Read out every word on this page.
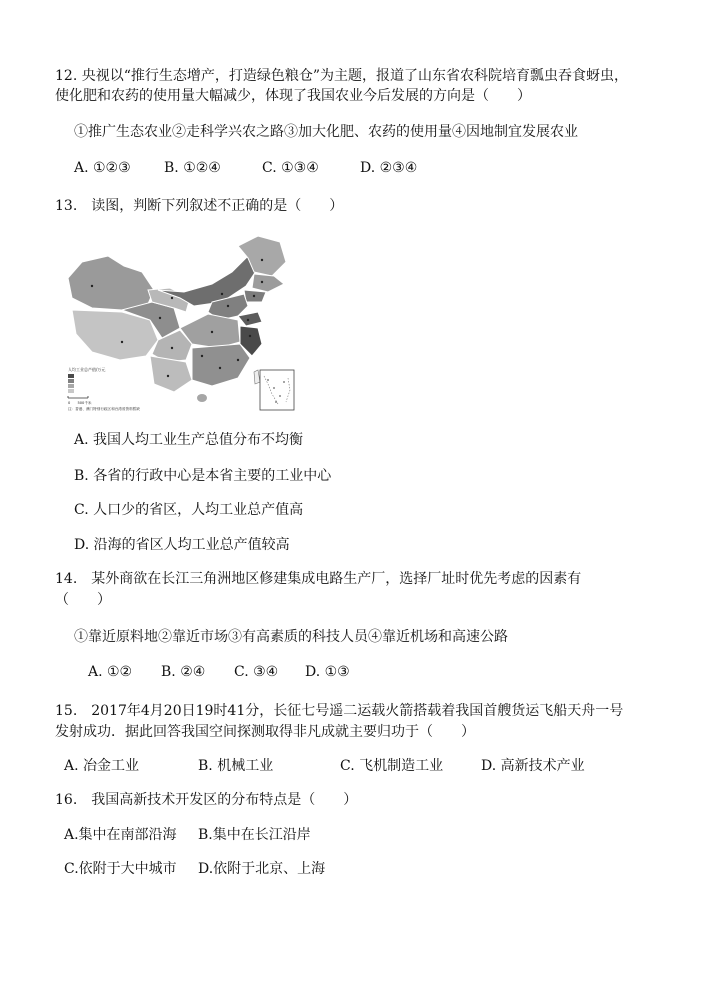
12. 央视以“推行生态增产，打造绿色粮仓”为主题，报道了山东省农科院培育瓢虫吞食蚜虫，
使化肥和农药的使用量大幅减少，体现了我国农业今后发展的方向是（　　）
①推广生态农业②走科学兴农之路③加大化肥、农药的使用量④因地制宜发展农业
A. ①②③ B. ①②④	C. ①③④	D. ②③④
13.　读图，判断下列叙述不正确的是（　　）
人均工业总产值/万元
0　　500千米
注：香港、澳门特别行政区和台湾省资料暂缺
A. 我国人均工业生产总值分布不均衡
B. 各省的行政中心是本省主要的工业中心
C. 人口少的省区，人均工业总产值高
D. 沿海的省区人均工业总产值较高
14.　某外商欲在长江三角洲地区修建集成电路生产厂，选择厂址时优先考虑的因素有
（　　）
①靠近原料地②靠近市场③有高素质的科技人员④靠近机场和高速公路
A. ①② B. ②④ C. ③④ D. ①③
15.　2017年4月20日19时41分，长征七号遥二运载火箭搭载着我国首艘货运飞船天舟一号
发射成功．据此回答我国空间探测取得非凡成就主要归功于（　　）
A. 冶金工业	B. 机械工业	C. 飞机制造工业	D. 高新技术产业
16.　我国高新技术开发区的分布特点是（　　）
A.集中在南部沿海 B.集中在长江沿岸
C.依附于大中城市 D.依附于北京、上海
